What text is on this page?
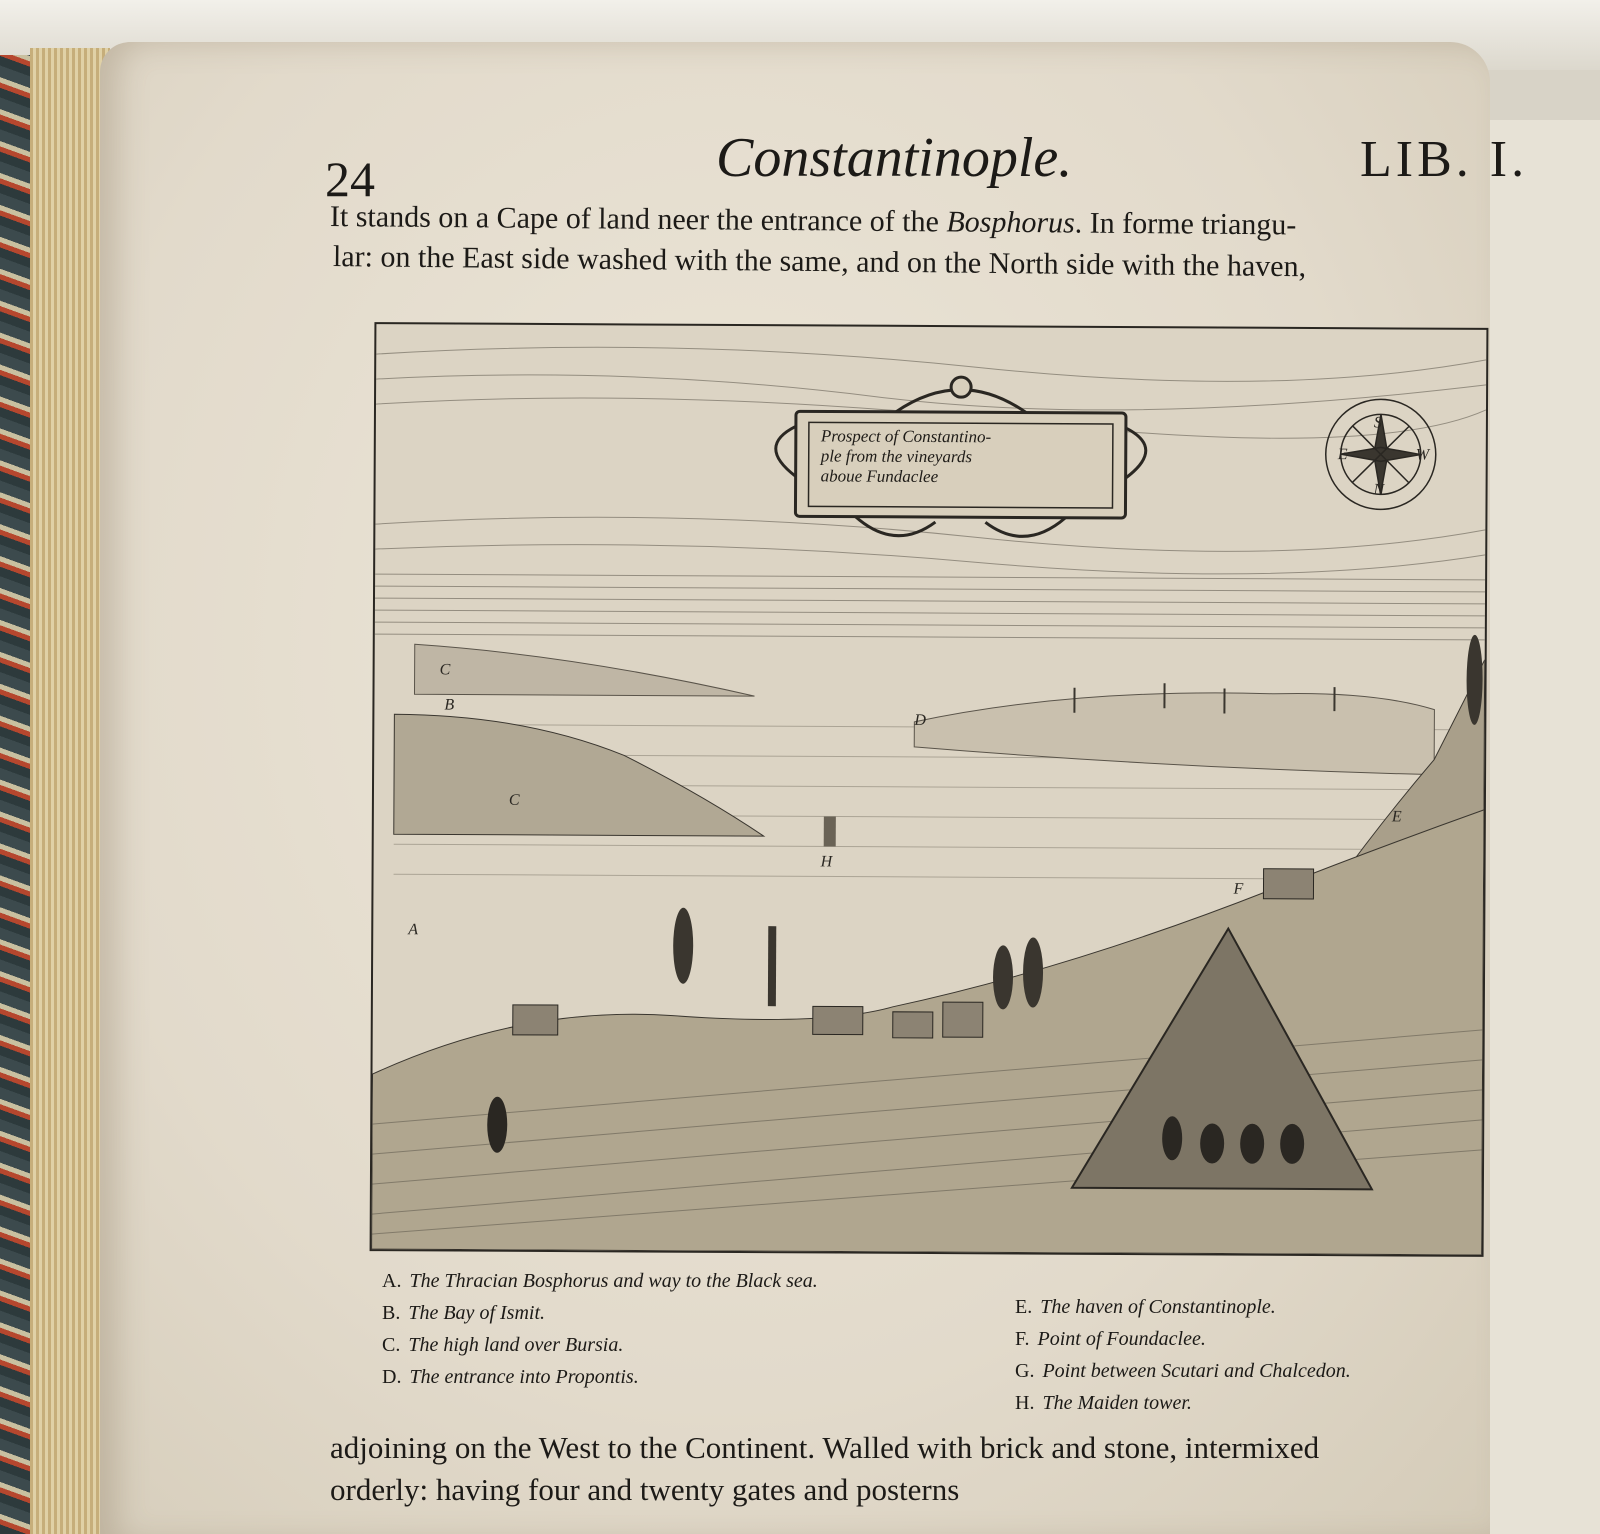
24	Constantinople.	LIB. I.
It stands on a Cape of land neer the entrance of the Bosphorus. In forme triangu-
lar: on the East side washed with the same, and on the North side with the haven,
S
W
N
E
C
B
C
D
E
F
H
A
Prospect of Constantino-
ple from the vineyards
aboue Fundaclee
A. The Thracian Bosphorus and way to the Black sea.
B. The Bay of Ismit.
C. The high land over Bursia.
D. The entrance into Propontis.
E. The haven of Constantinople.
F. Point of Foundaclee.
G. Point between Scutari and Chalcedon.
H. The Maiden tower.
adjoining on the West to the Continent. Walled with brick and stone, intermixed
orderly: having four and twenty gates and posterns
